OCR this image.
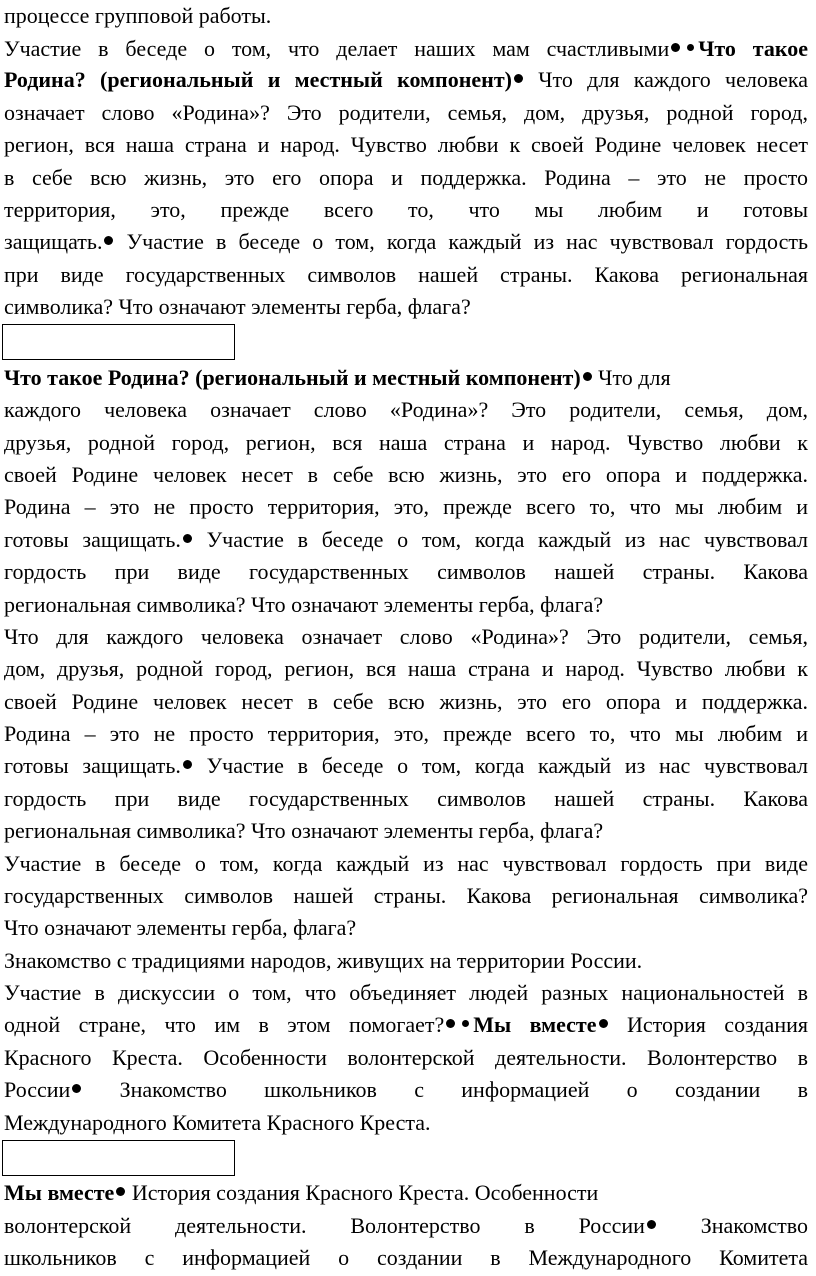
процессе групповой работы.
Участие в беседе о том, что делает наших мам счастливыми Что такое
Родина? (региональный и местный компонент) Что для каждого человека
означает слово «Родина»? Это родители, семья, дом, друзья, родной город,
регион, вся наша страна и народ. Чувство любви к своей Родине человек несет
в себе всю жизнь, это его опора и поддержка. Родина – это не просто
территория, это, прежде всего то, что мы любим и готовы
защищать. Участие в беседе о том, когда каждый из нас чувствовал гордость
при виде государственных символов нашей страны. Какова региональная
символика? Что означают элементы герба, флага?
Что такое Родина? (региональный и местный компонент) Что для
каждого человека означает слово «Родина»? Это родители, семья, дом,
друзья, родной город, регион, вся наша страна и народ. Чувство любви к
своей Родине человек несет в себе всю жизнь, это его опора и поддержка.
Родина – это не просто территория, это, прежде всего то, что мы любим и
готовы защищать. Участие в беседе о том, когда каждый из нас чувствовал
гордость при виде государственных символов нашей страны. Какова
региональная символика? Что означают элементы герба, флага?
Что для каждого человека означает слово «Родина»? Это родители, семья,
дом, друзья, родной город, регион, вся наша страна и народ. Чувство любви к
своей Родине человек несет в себе всю жизнь, это его опора и поддержка.
Родина – это не просто территория, это, прежде всего то, что мы любим и
готовы защищать. Участие в беседе о том, когда каждый из нас чувствовал
гордость при виде государственных символов нашей страны. Какова
региональная символика? Что означают элементы герба, флага?
Участие в беседе о том, когда каждый из нас чувствовал гордость при виде
государственных символов нашей страны. Какова региональная символика?
Что означают элементы герба, флага?
Знакомство с традициями народов, живущих на территории России.
Участие в дискуссии о том, что объединяет людей разных национальностей в
одной стране, что им в этом помогает? Мы вместе История создания
Красного Креста. Особенности волонтерской деятельности. Волонтерство в
России Знакомство школьников с информацией о создании в
Международного Комитета Красного Креста.
Мы вместе История создания Красного Креста. Особенности
волонтерской деятельности. Волонтерство в России Знакомство
школьников с информацией о создании в Международного Комитета
